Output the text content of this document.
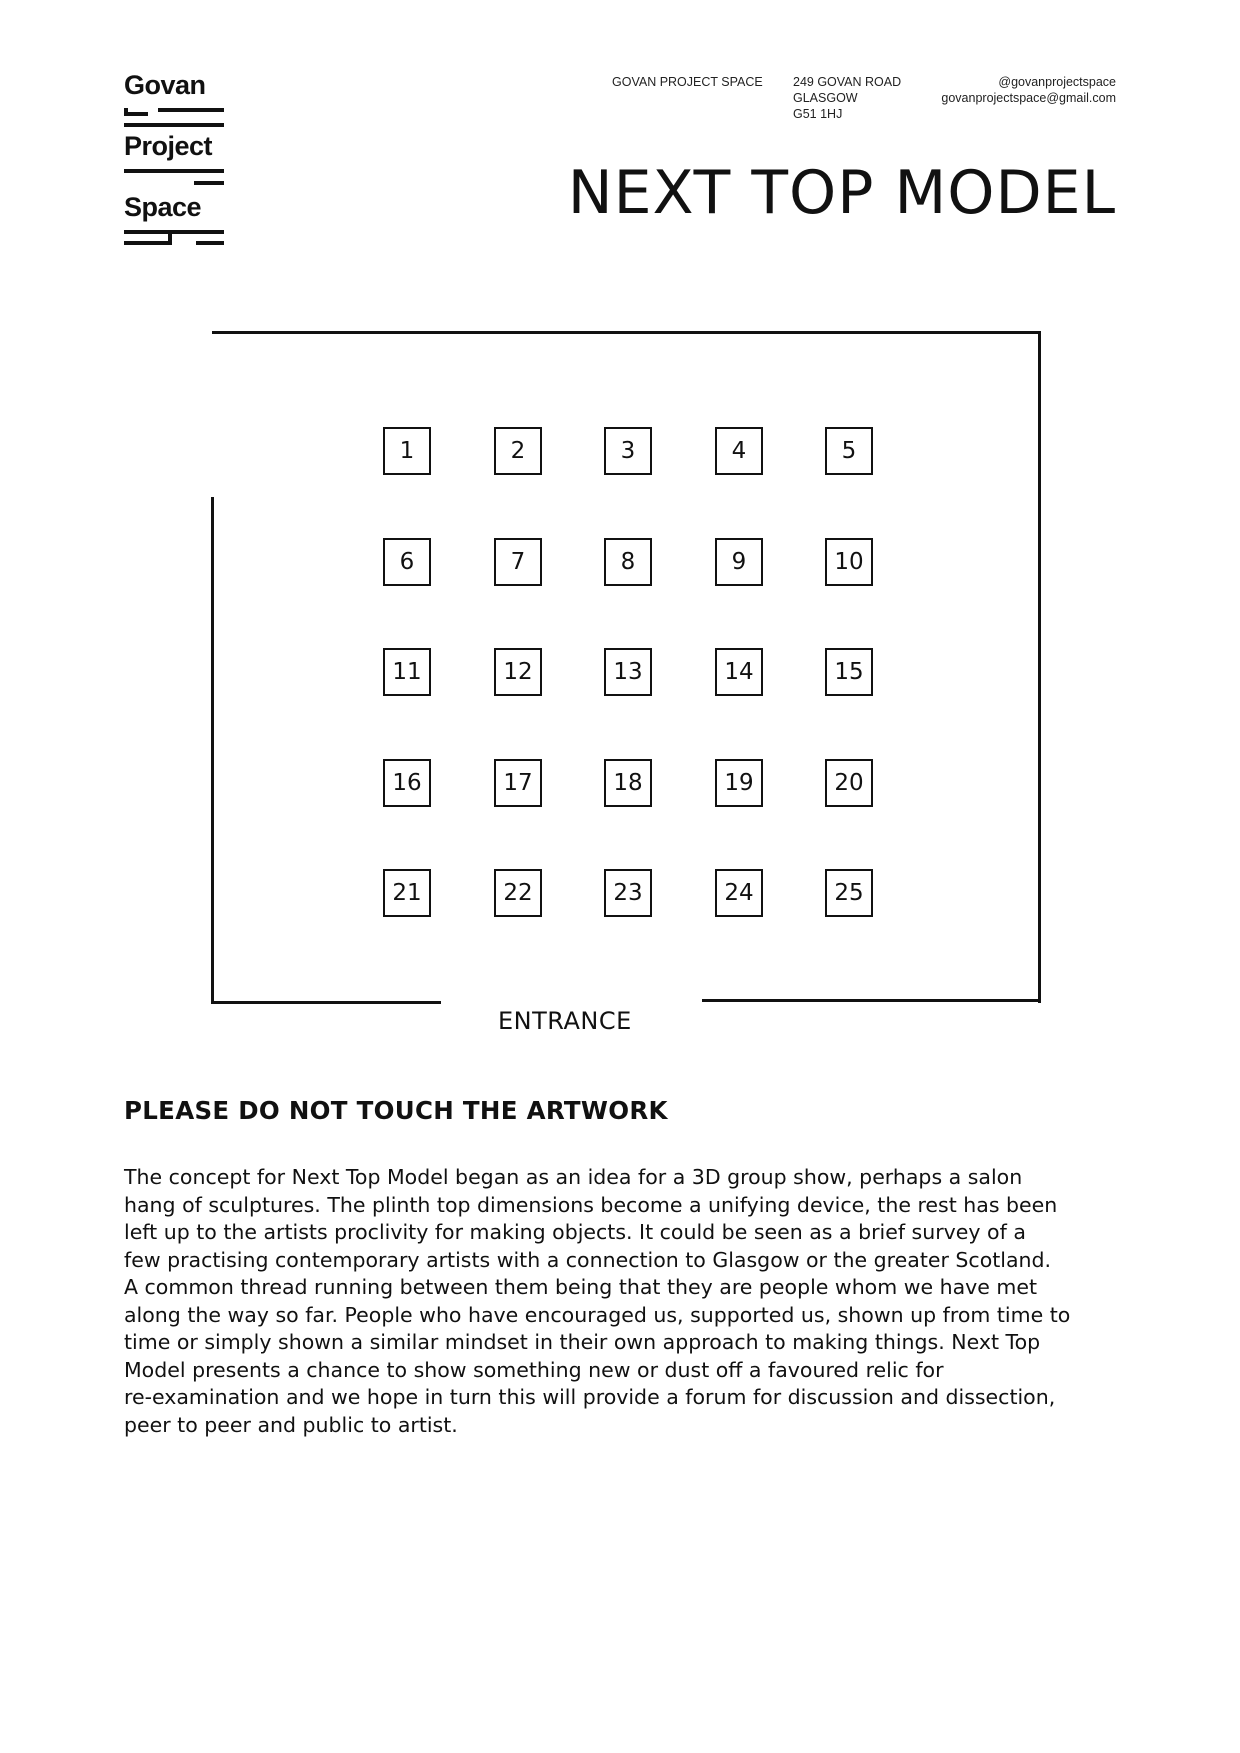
Govan
Project
Space
GOVAN PROJECT SPACE 249 GOVAN ROAD
GLASGOW
G51 1HJ
@govanprojectspace
govanprojectspace@gmail.com
NEXT TOP MODEL
1	2	3	4	5
6	7	8	9	10
11	12	13	14	15
16	17	18	19	20
21	22	23	24	25
ENTRANCE
PLEASE DO NOT TOUCH THE ARTWORK
The concept for Next Top Model began as an idea for a 3D group show, perhaps a salon
hang of sculptures. The plinth top dimensions become a unifying device, the rest has been
left up to the artists proclivity for making objects. It could be seen as a brief survey of a
few practising contemporary artists with a connection to Glasgow or the greater Scotland.
A common thread running between them being that they are people whom we have met
along the way so far. People who have encouraged us, supported us, shown up from time to
time or simply shown a similar mindset in their own approach to making things. Next Top
Model presents a chance to show something new or dust off a favoured relic for
re-examination and we hope in turn this will provide a forum for discussion and dissection,
peer to peer and public to artist.
